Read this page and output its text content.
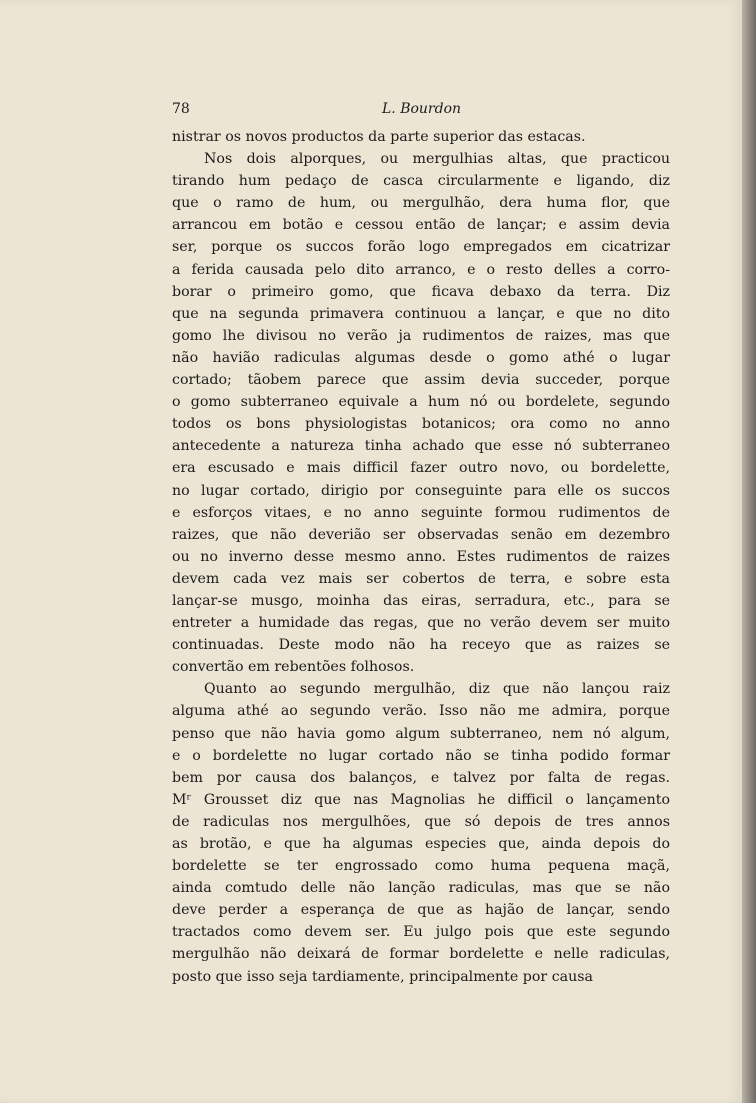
78	L. Bourdon
nistrar os novos productos da parte superior das estacas.
Nos dois alporques, ou mergulhias altas, que practicou
tirando hum pedaço de casca circularmente e ligando, diz
que o ramo de hum, ou mergulhão, dera huma flor, que
arrancou em botão e cessou então de lançar; e assim devia
ser, porque os succos forão logo empregados em cicatrizar
a ferida causada pelo dito arranco, e o resto delles a corro-
borar o primeiro gomo, que ficava debaxo da terra. Diz
que na segunda primavera continuou a lançar, e que no dito
gomo lhe divisou no verão ja rudimentos de raizes, mas que
não havião radiculas algumas desde o gomo athé o lugar
cortado; tãobem parece que assim devia succeder, porque
o gomo subterraneo equivale a hum nó ou bordelete, segundo
todos os bons physiologistas botanicos; ora como no anno
antecedente a natureza tinha achado que esse nó subterraneo
era escusado e mais difficil fazer outro novo, ou bordelette,
no lugar cortado, dirigio por conseguinte para elle os succos
e esforços vitaes, e no anno seguinte formou rudimentos de
raizes, que não deverião ser observadas senão em dezembro
ou no inverno desse mesmo anno. Estes rudimentos de raizes
devem cada vez mais ser cobertos de terra, e sobre esta
lançar-se musgo, moinha das eiras, serradura, etc., para se
entreter a humidade das regas, que no verão devem ser muito
continuadas. Deste modo não ha receyo que as raizes se
convertão em rebentões folhosos.
Quanto ao segundo mergulhão, diz que não lançou raiz
alguma athé ao segundo verão. Isso não me admira, porque
penso que não havia gomo algum subterraneo, nem nó algum,
e o bordelette no lugar cortado não se tinha podido formar
bem por causa dos balanços, e talvez por falta de regas.
Mʳ Grousset diz que nas Magnolias he difficil o lançamento
de radiculas nos mergulhões, que só depois de tres annos
as brotão, e que ha algumas especies que, ainda depois do
bordelette se ter engrossado como huma pequena maçã,
ainda comtudo delle não lanção radiculas, mas que se não
deve perder a esperança de que as hajão de lançar, sendo
tractados como devem ser. Eu julgo pois que este segundo
mergulhão não deixará de formar bordelette e nelle radiculas,
posto que isso seja tardiamente, principalmente por causa
